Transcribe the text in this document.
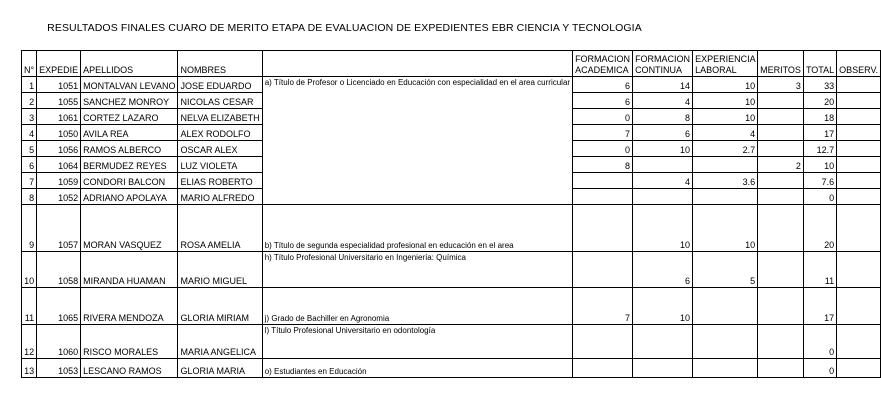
RESULTADOS FINALES CUARO DE MERITO ETAPA DE EVALUACION DE EXPEDIENTES EBR CIENCIA Y TECNOLOGIA
N°	EXPEDIE	APELLIDOS	NOMBRES		FORMACION ACADEMICA	FORMACION CONTINUA	EXPERIENCIA LABORAL	MERITOS	TOTAL	OBSERV.
1	1051	MONTALVAN LEVANO	JOSE EDUARDO	a) Título de Profesor o Licenciado en Educación con especialidad en el area curricular	6	14	10	3	33	
2	1055	SANCHEZ MONROY	NICOLAS CESAR		6	4	10		20	
3	1061	CORTEZ LAZARO	NELVA ELIZABETH		0	8	10		18	
4	1050	AVILA REA	ALEX RODOLFO		7	6	4		17	
5	1056	RAMOS ALBERCO	OSCAR ALEX		0	10	2.7		12.7	
6	1064	BERMUDEZ REYES	LUZ VIOLETA		8			2	10	
7	1059	CONDORI BALCON	ELIAS ROBERTO			4	3.6		7.6	
8	1052	ADRIANO APOLAYA	MARIO ALFREDO						0	
9	1057	MORAN VASQUEZ	ROSA AMELIA	b) Título de segunda especialidad profesional en educación en el area		10	10		20	
10	1058	MIRANDA HUAMAN	MARIO MIGUEL	h) Título Profesional Universitario en Ingeniería: Química		6	5		11	
11	1065	RIVERA MENDOZA	GLORIA MIRIAM	j) Grado de Bachiller en Agronomia	7	10			17	
12	1060	RISCO MORALES	MARIA ANGELICA	l) Título Profesional Universitario en odontología					0	
13	1053	LESCANO RAMOS	GLORIA MARIA	o) Estudiantes en Educación					0	
